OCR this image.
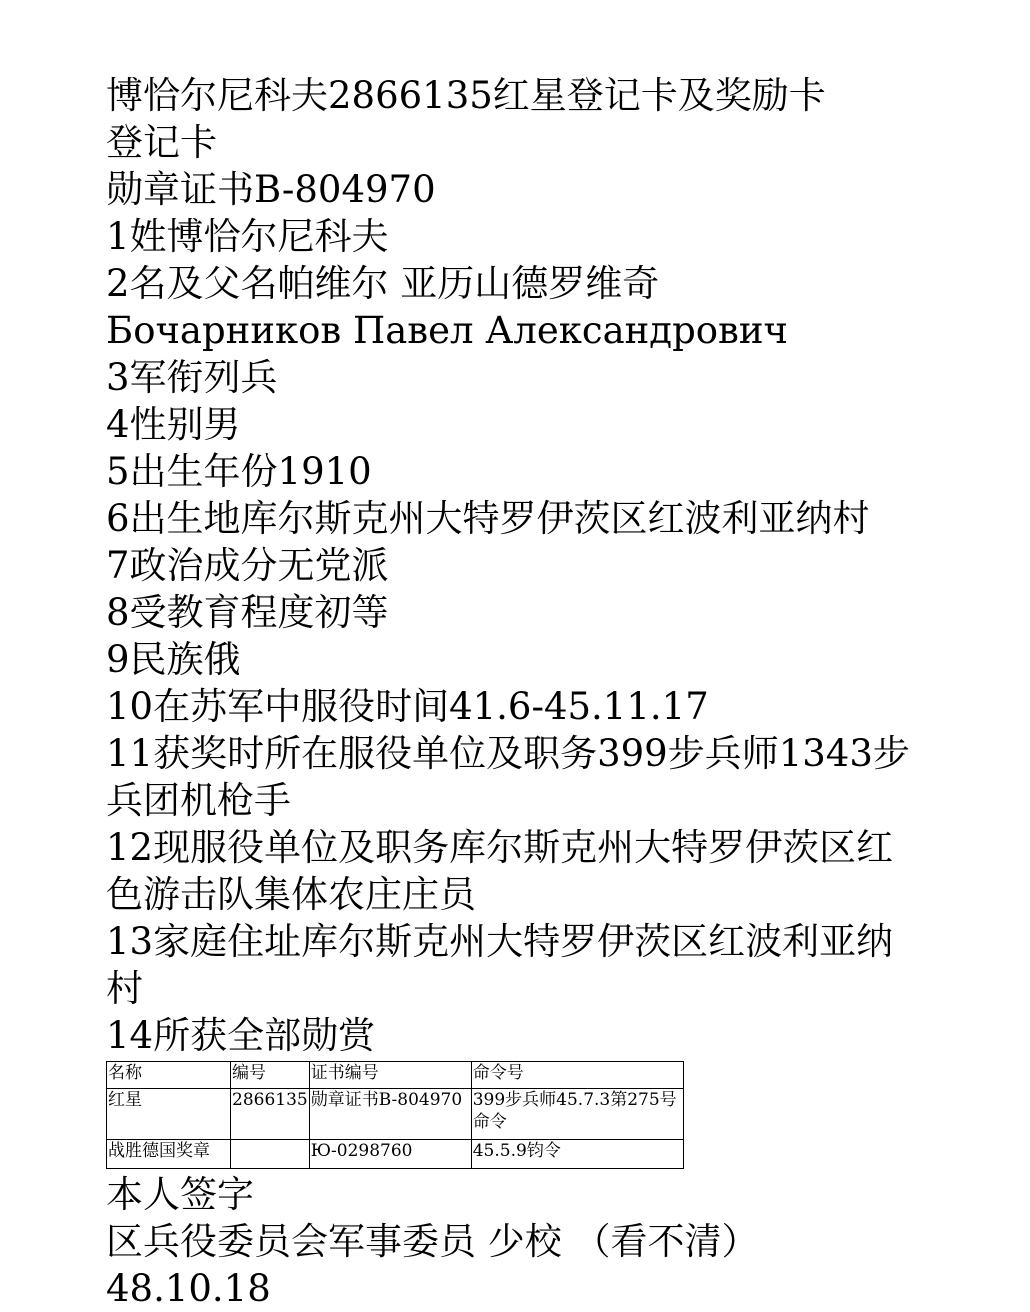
博恰尔尼科夫2866135红星登记卡及奖励卡

登记卡

勋章证书B-804970

1姓博恰尔尼科夫

2名及父名帕维尔 亚历山德罗维奇

Бочарников Павел Александрович

3军衔列兵

4性别男

5出生年份1910

6出生地库尔斯克州大特罗伊茨区红波利亚纳村

7政治成分无党派

8受教育程度初等

9民族俄

10在苏军中服役时间41.6-45.11.17

11获奖时所在服役单位及职务399步兵师1343步兵团机枪手

12现服役单位及职务库尔斯克州大特罗伊茨区红色游击队集体农庄庄员

13家庭住址库尔斯克州大特罗伊茨区红波利亚纳村

14所获全部勋赏

名称	编号	证书编号	命令号
红星	2866135	勋章证书B-804970	399步兵师45.7.3第275号命令
战胜德国奖章		Ю-0298760	45.5.9钧令

本人签字

区兵役委员会军事委员 少校 （看不清）

48.10.18
